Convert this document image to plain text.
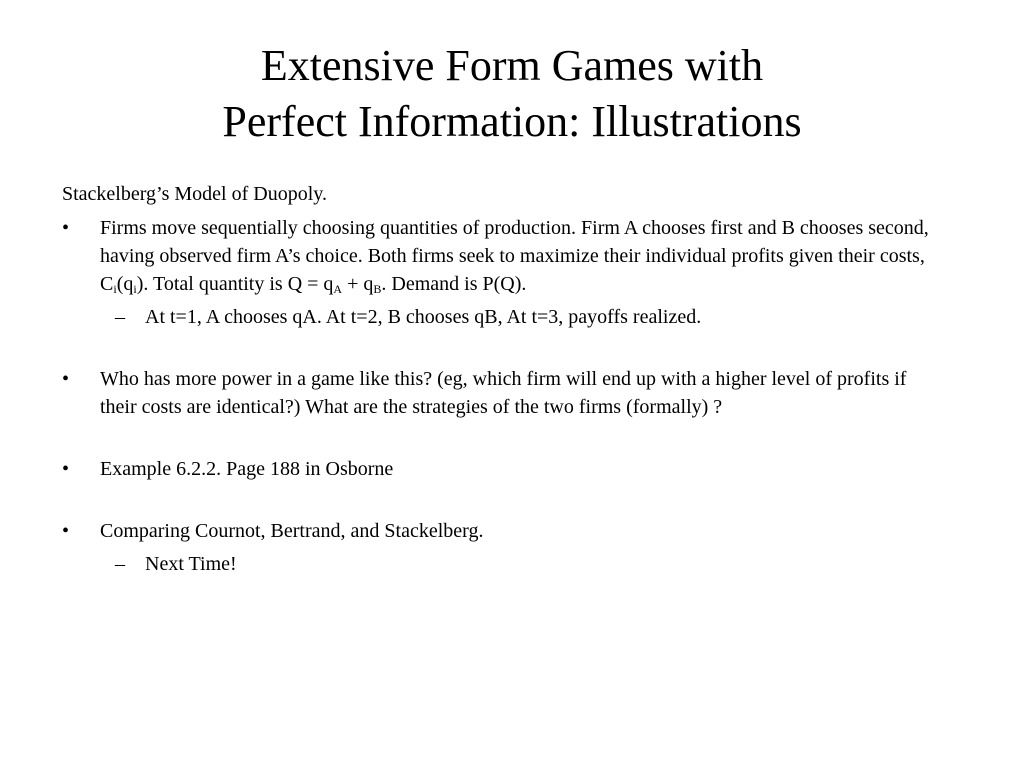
Extensive Form Games with
Perfect Information: Illustrations

Stackelberg’s Model of Duopoly.

• Firms move sequentially choosing quantities of production. Firm A chooses first and B chooses second, having observed firm A’s choice. Both firms seek to maximize their individual profits given their costs, $C_i(q_i)$. Total quantity is $Q = q_A + q_B$. Demand is P(Q).
– At t=1, A chooses qA. At t=2, B chooses qB, At t=3, payoffs realized.
• Who has more power in a game like this? (eg, which firm will end up with a higher level of profits if their costs are identical?) What are the strategies of the two firms (formally) ?
• Example 6.2.2. Page 188 in Osborne
• Comparing Cournot, Bertrand, and Stackelberg.
– Next Time!
